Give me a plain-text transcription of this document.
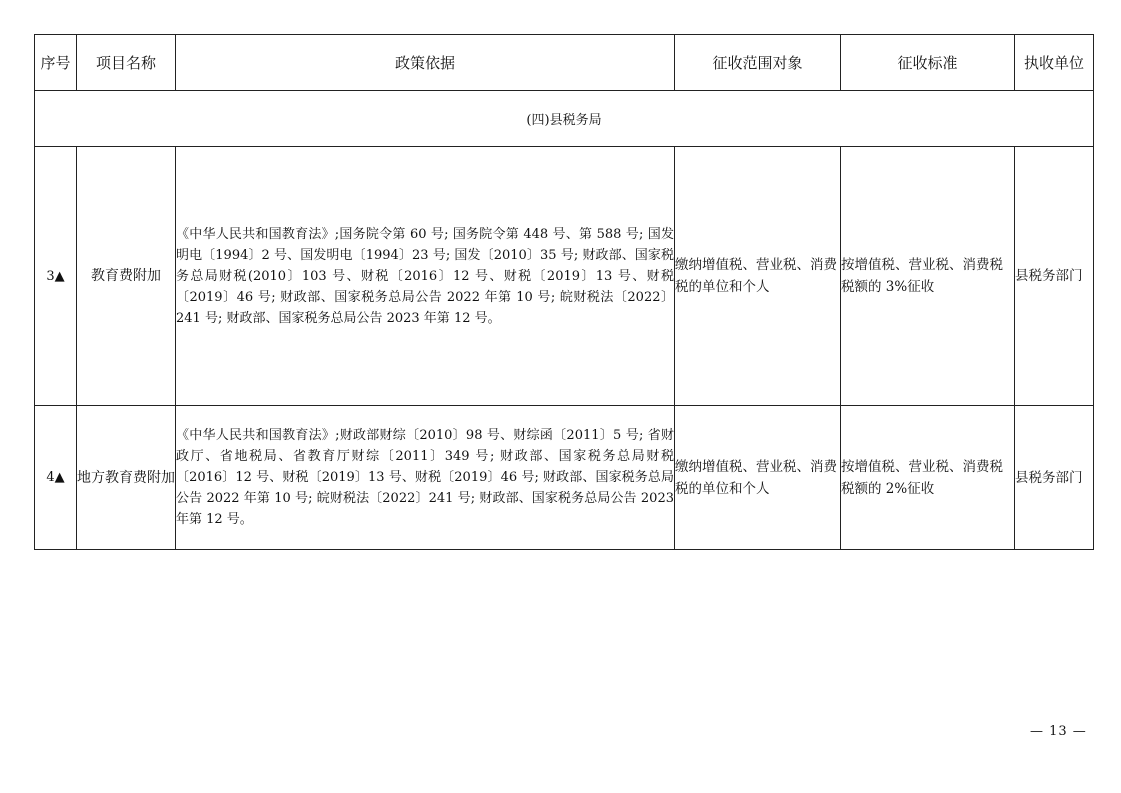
序号	项目名称	政策依据	征收范围对象	征收标准	执收单位
(四)县税务局					
3▲	教育费附加	《中华人民共和国教育法》;国务院令第 60 号; 国务院令第 448 号、第 588 号; 国发明电〔1994〕2 号、国发明电〔1994〕23 号; 国发〔2010〕35 号; 财政部、国家税务总局财税(2010〕103 号、财税〔2016〕12 号、财税〔2019〕13 号、财税〔2019〕46 号; 财政部、国家税务总局公告 2022 年第 10 号; 皖财税法〔2022〕241 号; 财政部、国家税务总局公告 2023 年第 12 号。	缴纳增值税、营业税、消费税的单位和个人	按增值税、营业税、消费税税额的 3%征收	县税务部门
4▲	地方教育费附加	《中华人民共和国教育法》;财政部财综〔2010〕98 号、财综函〔2011〕5 号; 省财政厅、省地税局、省教育厅财综〔2011〕349 号; 财政部、国家税务总局财税〔2016〕12 号、财税〔2019〕13 号、财税〔2019〕46 号; 财政部、国家税务总局公告 2022 年第 10 号; 皖财税法〔2022〕241 号; 财政部、国家税务总局公告 2023 年第 12 号。	缴纳增值税、营业税、消费税的单位和个人	按增值税、营业税、消费税税额的 2%征收	县税务部门
— 13 —
